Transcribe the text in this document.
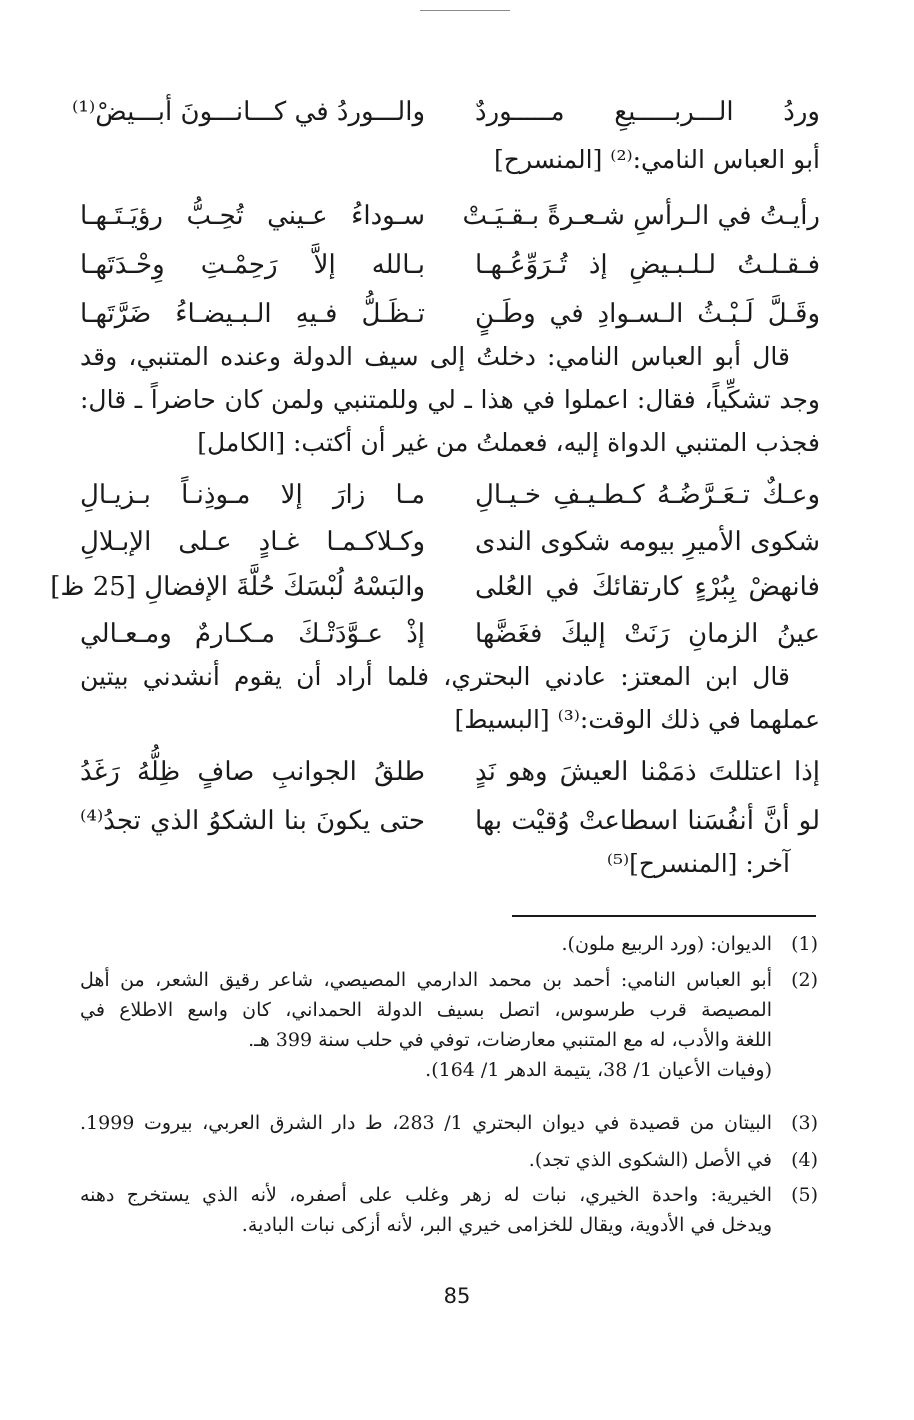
وردُ الـــربـــــيعِ مـــــوردٌ
والـــوردُ في كـــانـــونَ أبـــيضْ⁽¹⁾
أبو العباس النامي:⁽²⁾ [المنسرح]
رأيـتُ في الـرأسِ شـعـرةً بـقـيَـتْ
سـوداءُ عـيني تُحِـبُّ رؤيَـتَـهـا
فـقـلـتُ لـلـبـيضِ إذ تُـرَوِّعُـهـا
بـالله إلاَّ رَحِمْـتِ وِحْـدَتَهـا
وقَـلَّ لَـبْـثُ الـسـوادِ في وطَـنٍ
تـظَـلُّ فـيهِ الـبـيضـاءُ ضَرَّتَهـا
قال أبو العباس النامي: دخلتُ إلى سيف الدولة وعنده المتنبي، وقد
وجد تشكِّياً، فقال: اعملوا في هذا ـ لي وللمتنبي ولمن كان حاضراً ـ قال:
فجذب المتنبي الدواة إليه، فعملتُ من غير أن أكتب: [الكامل]
وعـكٌ تـعَـرَّضُـهُ كـطـيـفِ خـيـالِ
مـا زارَ إلا مـوذِنـاً بـزيـالِ
شكوى الأميرِ بيومه شكوى الندى
وكـلاكـمـا غـادٍ عـلى الإبـلالِ
فانهضْ بِبُرْءٍ كارتقائكَ في العُلى
والبَسْهُ لُبْسَكَ حُلَّةَ الإفضالِ [25 ظ]
عينُ الزمانِ رَنَتْ إليكَ فغَضَّها
إذْ عـوَّدَتْـكَ مـكـارمٌ ومـعـالي
قال ابن المعتز: عادني البحتري، فلما أراد أن يقوم أنشدني بيتين
عملهما في ذلك الوقت:⁽³⁾ [البسيط]
إذا اعتللتَ ذمَمْنا العيشَ وهو نَدٍ
طلقُ الجوانبِ صافٍ ظِلُّهُ رَغَدُ
لو أنَّ أنفُسَنا اسطاعتْ وُقيْت بها
حتى يكونَ بنا الشكوُ الذي تجدُ⁽⁴⁾
آخر: [المنسرح]⁽⁵⁾
(1)
الديوان: (ورد الربيع ملون).
(2)
أبو العباس النامي: أحمد بن محمد الدارمي المصيصي، شاعر رقيق الشعر، من أهل
المصيصة قرب طرسوس، اتصل بسيف الدولة الحمداني، كان واسع الاطلاع في
اللغة والأدب، له مع المتنبي معارضات، توفي في حلب سنة 399 هـ.
(وفيات الأعيان 1/ 38، يتيمة الدهر 1/ 164).
(3)
البيتان من قصيدة في ديوان البحتري 1/ 283، ط دار الشرق العربي، بيروت 1999.
(4)
في الأصل (الشكوى الذي تجد).
(5)
الخيرية: واحدة الخيري، نبات له زهر وغلب على أصفره، لأنه الذي يستخرج دهنه
ويدخل في الأدوية، ويقال للخزامى خيري البر، لأنه أزكى نبات البادية.
85
